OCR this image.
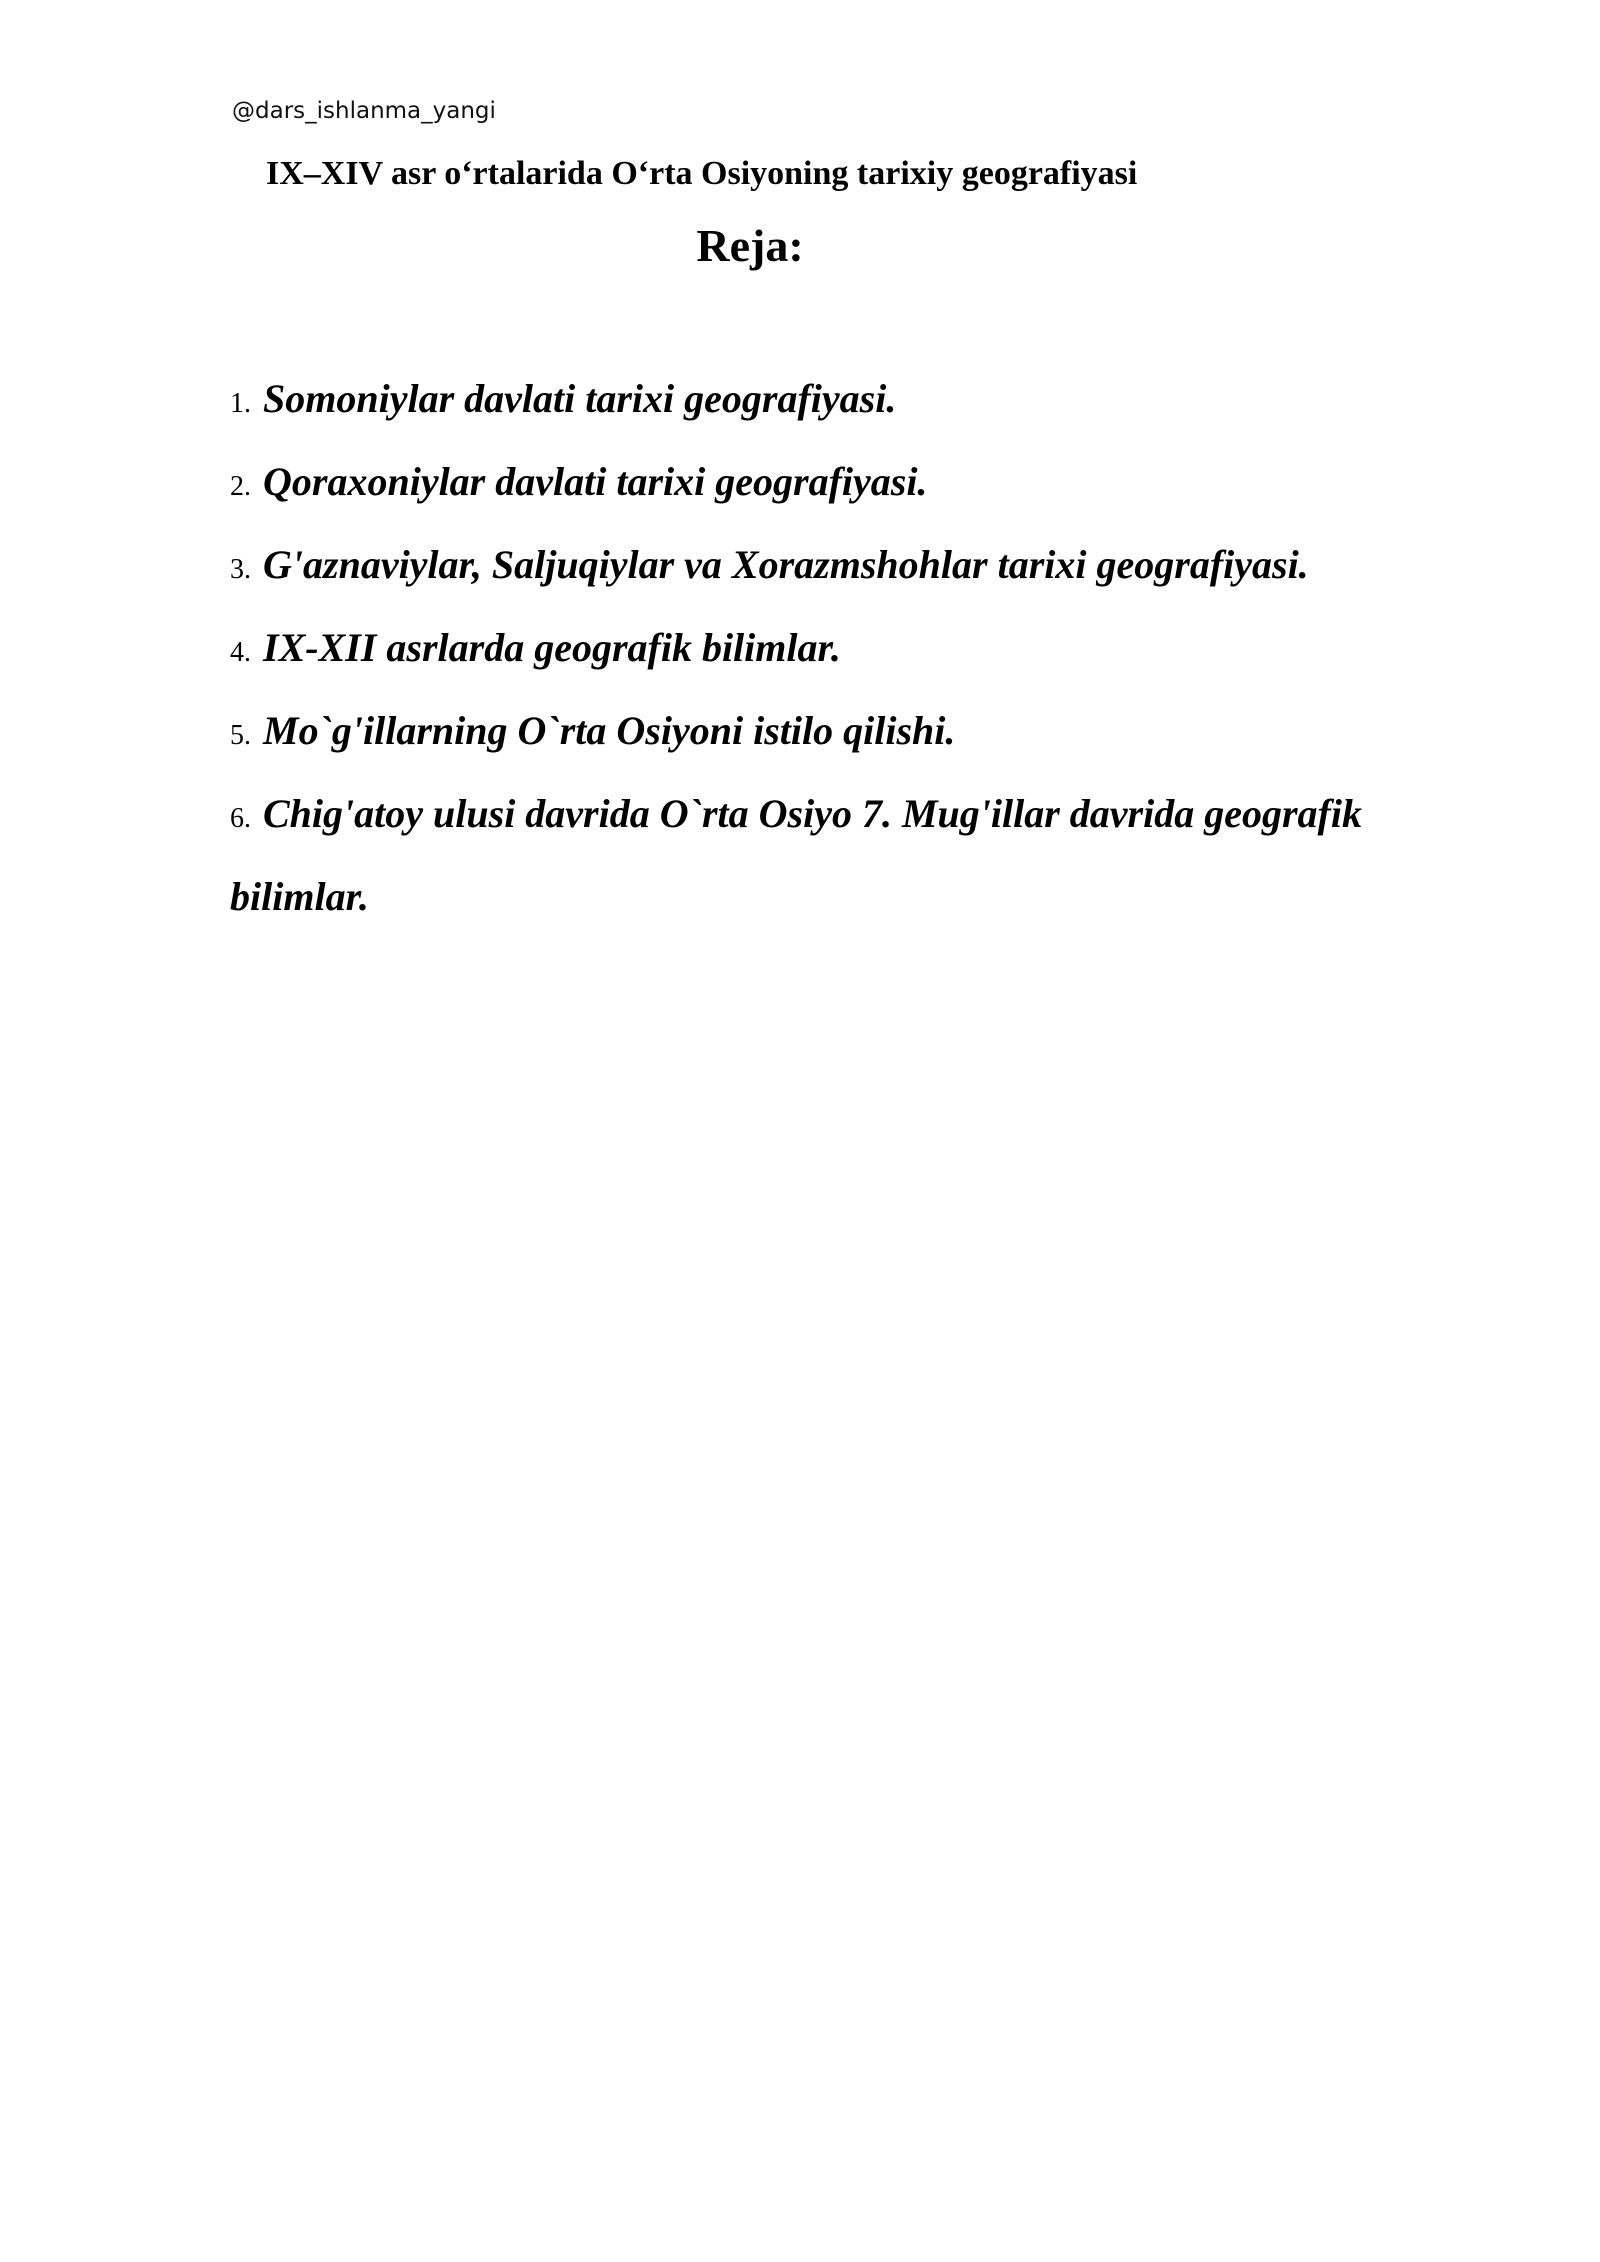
@dars_ishlanma_yangi
IX–XIV asr oʻrtalarida Oʻrta Osiyoning tarixiy geografiyasi
Reja:
1. Somoniylar davlati tarixi geografiyasi.
2. Qoraxoniylar davlati tarixi geografiyasi.
3. G'aznaviylar, Saljuqiylar va Xorazmshohlar tarixi geografiyasi.
4. IX-XII asrlarda geografik bilimlar.
5. Mo`g'illarning O`rta Osiyoni istilo qilishi.
6. Chig'atoy ulusi davrida O`rta Osiyo 7. Mug'illar davrida geografik bilimlar.
